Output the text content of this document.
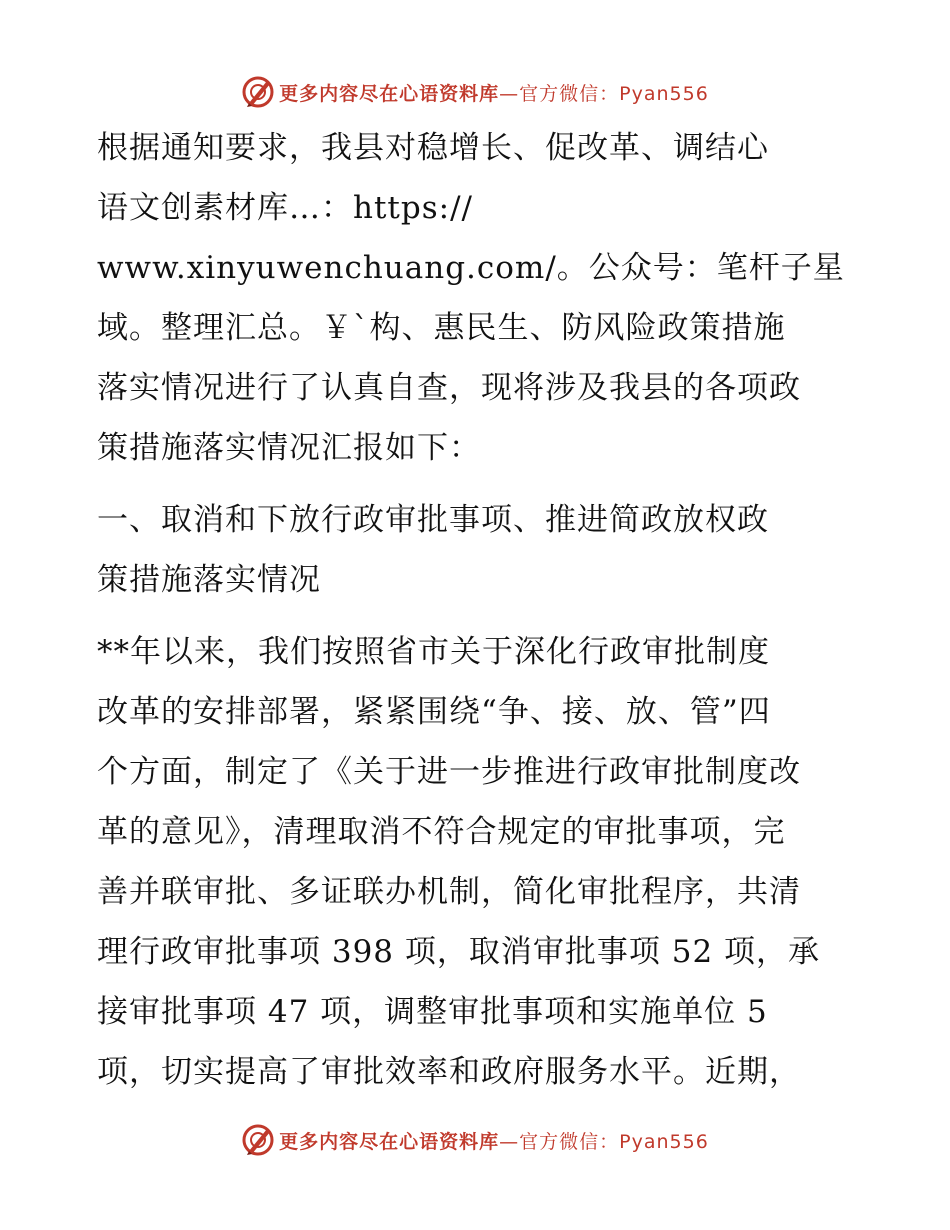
更多内容尽在心语资料库—官方微信：Pyan556
根据通知要求，我县对稳增长、促改革、调结心
语文创素材库…：https://
www.xinyuwenchuang.com/。公众号：笔杆子星
域。整理汇总。￥`构、惠民生、防风险政策措施
落实情况进行了认真自查，现将涉及我县的各项政
策措施落实情况汇报如下：
一、取消和下放行政审批事项、推进简政放权政
策措施落实情况
**年以来，我们按照省市关于深化行政审批制度
改革的安排部署，紧紧围绕“争、接、放、管”四
个方面，制定了《关于进一步推进行政审批制度改
革的意见》，清理取消不符合规定的审批事项，完
善并联审批、多证联办机制，简化审批程序，共清
理行政审批事项 398 项，取消审批事项 52 项，承
接审批事项 47 项，调整审批事项和实施单位 5
项，切实提高了审批效率和政府服务水平。近期，
更多内容尽在心语资料库—官方微信：Pyan556
